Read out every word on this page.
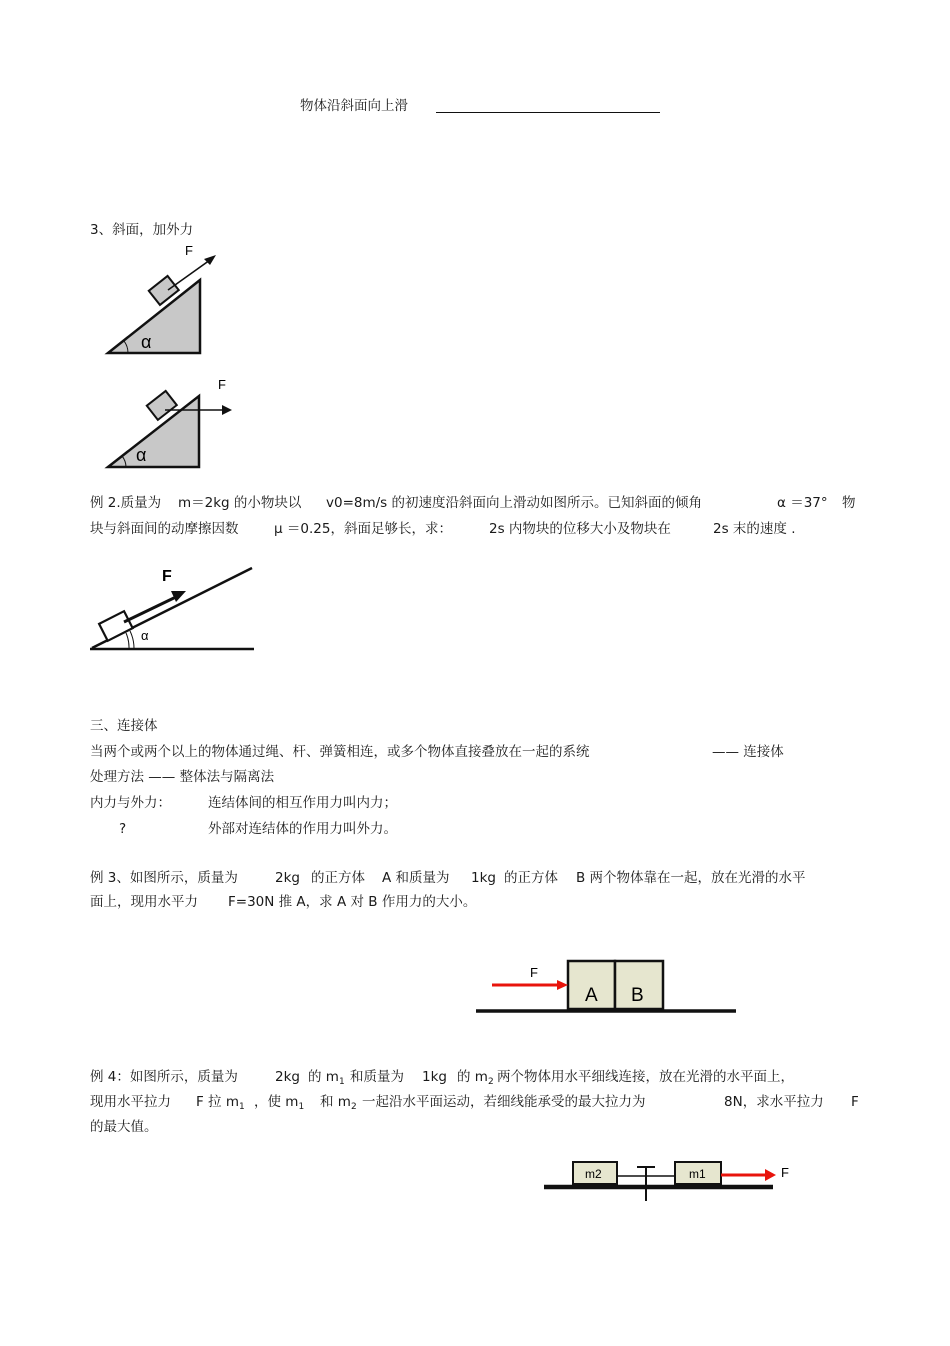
物体沿斜面向上滑
3、斜面，加外力
F
α
F
α
例 2.质量为 m＝2kg 的小物块以 v0=8m/s 的初速度沿斜面向上滑动如图所示。已知斜面的倾角	α ＝37° 物
块与斜面间的动摩擦因数	μ ＝0.25，斜面足够长，求：	2s 内物块的位移大小及物块在	2s 末的速度 .
F
α
三、连接体
当两个或两个以上的物体通过绳、杆、弹簧相连，或多个物体直接叠放在一起的系统	—— 连接体
处理方法 —— 整体法与隔离法
内力与外力：	连结体间的相互作用力叫内力；
?	外部对连结体的作用力叫外力。
例 3、如图所示，质量为	2kg 的正方体 A 和质量为 1kg 的正方体 B 两个物体靠在一起，放在光滑的水平
面上，现用水平力 F=30N 推 A，求 A 对 B 作用力的大小。
A B
F
例 4：如图所示，质量为	2kg 的 $m_1$ 和质量为 1kg 的 $m_2$ 两个物体用水平细线连接，放在光滑的水平面上，
现用水平拉力 F 拉 $m_1$ ，使 $m_1$ 和 $m_2$ 一起沿水平面运动，若细线能承受的最大拉力为	8N，求水平拉力 F
的最大值。
m2	m1	F
